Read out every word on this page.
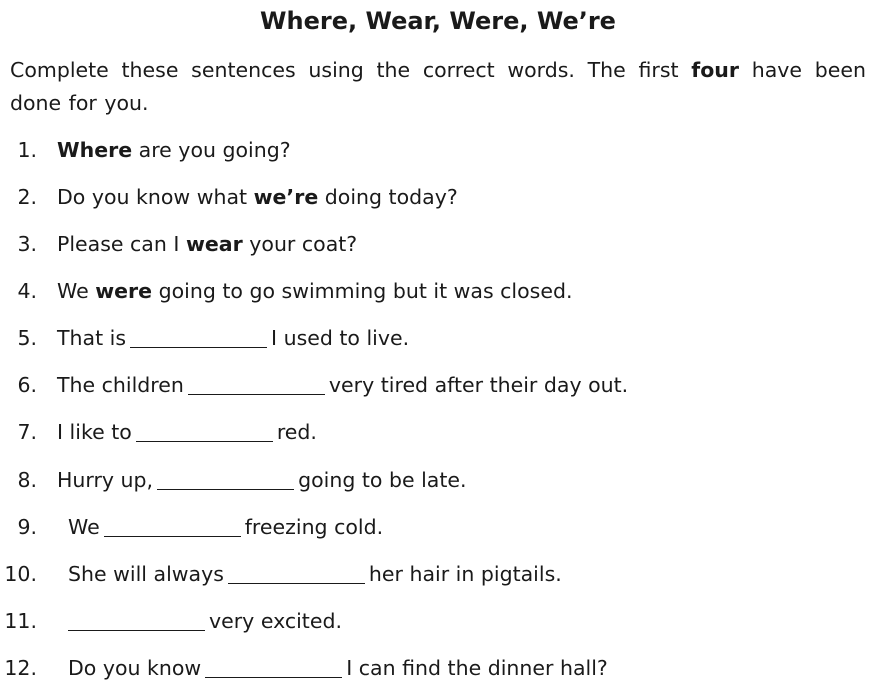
Where, Wear, Were, We’re
Complete these sentences using the correct words. The first four have been done for you.
1. Where are you going?
2. Do you know what we’re doing today?
3. Please can I wear your coat?
4. We were going to go swimming but it was closed.
5. That is	I used to live.
6. The children	very tired after their day out.
7. I like to	red.
8. Hurry up,	going to be late.
9. We	freezing cold.
10. She will always	her hair in pigtails.
11.	very excited.
12. Do you know	I can find the dinner hall?
